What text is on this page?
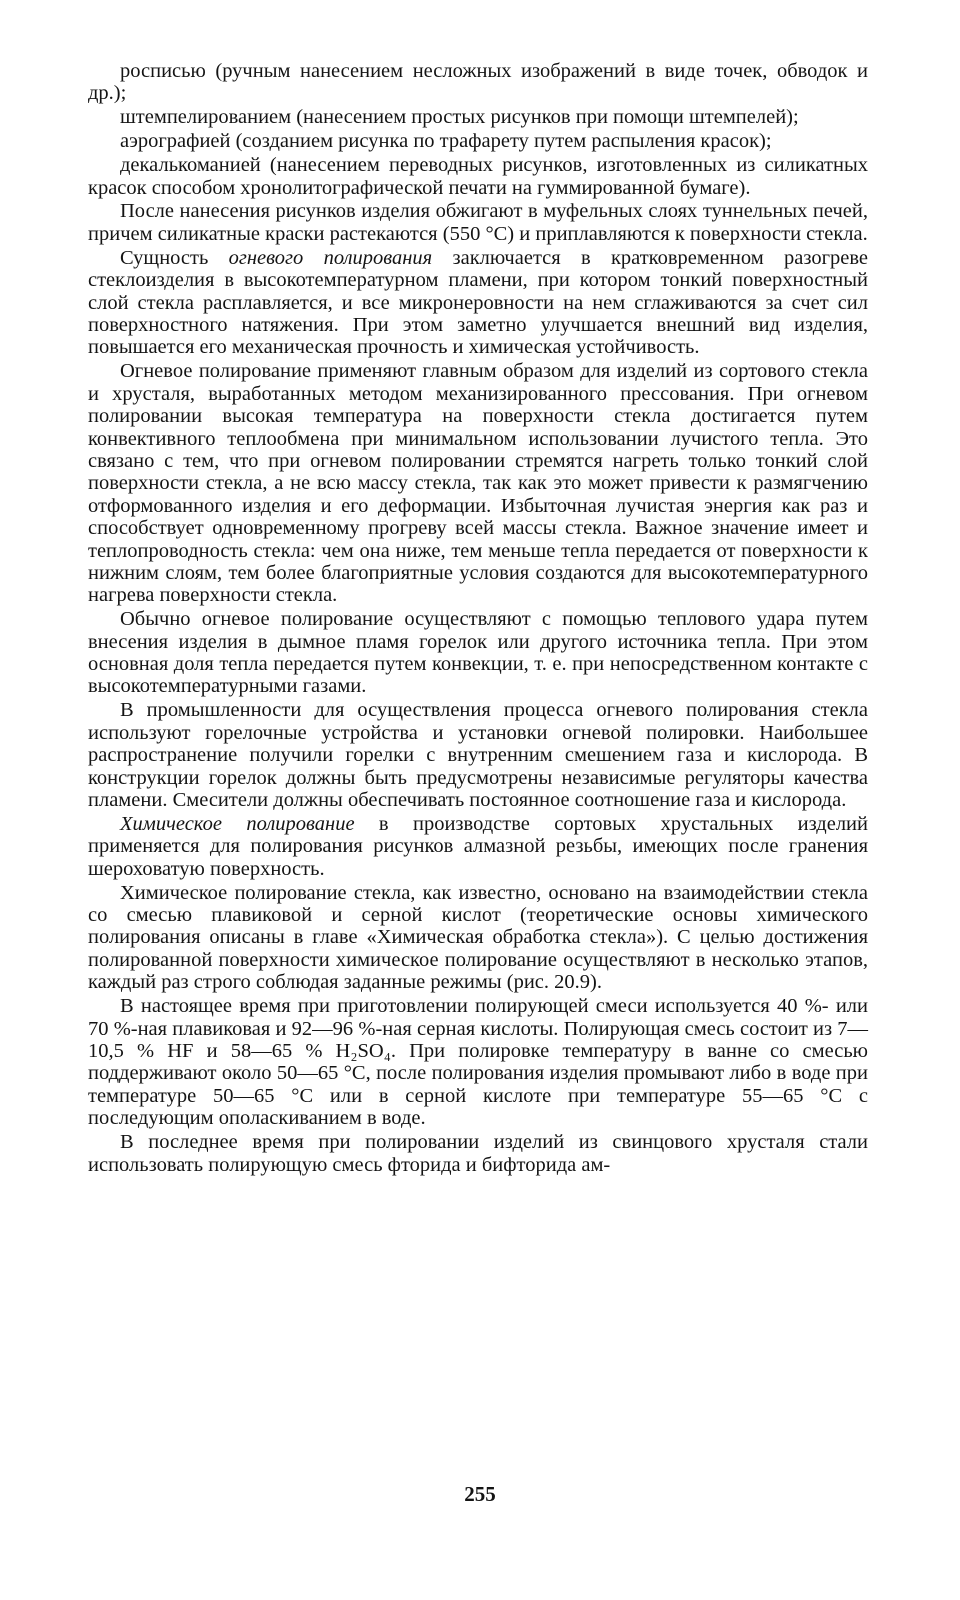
росписью (ручным нанесением несложных изображений в виде точек, обводок и др.);

штемпелированием (нанесением простых рисунков при помощи штемпелей);

аэрографией (созданием рисунка по трафарету путем распыления красок);

декалькоманией (нанесением переводных рисунков, изготовленных из силикатных красок способом хронолитографической печати на гуммированной бумаге).

После нанесения рисунков изделия обжигают в муфельных слоях туннельных печей, причем силикатные краски растекаются (550 °С) и приплавляются к поверхности стекла.

Сущность огневого полирования заключается в кратковременном разогреве стеклоизделия в высокотемпературном пламени, при котором тонкий поверхностный слой стекла расплавляется, и все микронеровности на нем сглаживаются за счет сил поверхностного натяжения. При этом заметно улучшается внешний вид изделия, повышается его механическая прочность и химическая устойчивость.

Огневое полирование применяют главным образом для изделий из сортового стекла и хрусталя, выработанных методом механизированного прессования. При огневом полировании высокая температура на поверхности стекла достигается путем конвективного теплообмена при минимальном использовании лучистого тепла. Это связано с тем, что при огневом полировании стремятся нагреть только тонкий слой поверхности стекла, а не всю массу стекла, так как это может привести к размягчению отформованного изделия и его деформации. Избыточная лучистая энергия как раз и способствует одновременному прогреву всей массы стекла. Важное значение имеет и теплопроводность стекла: чем она ниже, тем меньше тепла передается от поверхности к нижним слоям, тем более благоприятные условия создаются для высокотемпературного нагрева поверхности стекла.

Обычно огневое полирование осуществляют с помощью теплового удара путем внесения изделия в дымное пламя горелок или другого источника тепла. При этом основная доля тепла передается путем конвекции, т. е. при непосредственном контакте с высокотемпературными газами.

В промышленности для осуществления процесса огневого полирования стекла используют горелочные устройства и установки огневой полировки. Наибольшее распространение получили горелки с внутренним смешением газа и кислорода. В конструкции горелок должны быть предусмотрены независимые регуляторы качества пламени. Смесители должны обеспечивать постоянное соотношение газа и кислорода.

Химическое полирование в производстве сортовых хрустальных изделий применяется для полирования рисунков алмазной резьбы, имеющих после гранения шероховатую поверхность.

Химическое полирование стекла, как известно, основано на взаимодействии стекла со смесью плавиковой и серной кислот (теоретические основы химического полирования описаны в главе «Химическая обработка стекла»). С целью достижения полированной поверхности химическое полирование осуществляют в несколько этапов, каждый раз строго соблюдая заданные режимы (рис. 20.9).

В настоящее время при приготовлении полирующей смеси используется 40 %- или 70 %-ная плавиковая и 92—96 %-ная серная кислоты. Полирующая смесь состоит из 7—10,5 % HF и 58—65 % H₂SO₄. При полировке температуру в ванне со смесью поддерживают около 50—65 °С, после полирования изделия промывают либо в воде при температуре 50—65 °С или в серной кислоте при температуре 55—65 °С с последующим ополаскиванием в воде.

В последнее время при полировании изделий из свинцового хрусталя стали использовать полирующую смесь фторида и бифторида ам-

255
